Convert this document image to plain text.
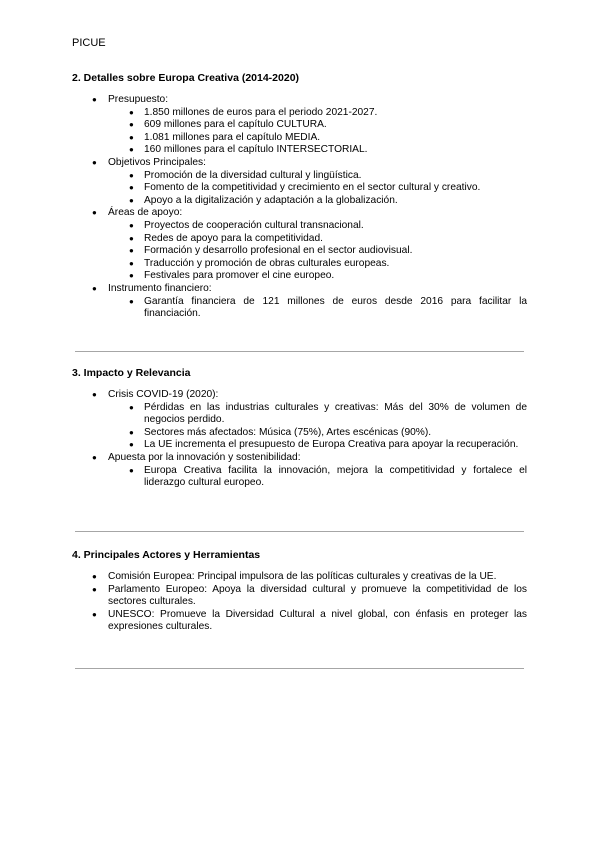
PICUE
2. Detalles sobre Europa Creativa (2014-2020)
● Presupuesto:
● 1.850 millones de euros para el periodo 2021-2027.
● 609 millones para el capítulo CULTURA.
● 1.081 millones para el capítulo MEDIA.
● 160 millones para el capítulo INTERSECTORIAL.
● Objetivos Principales:
● Promoción de la diversidad cultural y lingüística.
● Fomento de la competitividad y crecimiento en el sector cultural y creativo.
● Apoyo a la digitalización y adaptación a la globalización.
● Áreas de apoyo:
● Proyectos de cooperación cultural transnacional.
● Redes de apoyo para la competitividad.
● Formación y desarrollo profesional en el sector audiovisual.
● Traducción y promoción de obras culturales europeas.
● Festivales para promover el cine europeo.
● Instrumento financiero:
● Garantía financiera de 121 millones de euros desde 2016 para facilitar la financiación.
3. Impacto y Relevancia
● Crisis COVID-19 (2020):
● Pérdidas en las industrias culturales y creativas: Más del 30% de volumen de negocios perdido.
● Sectores más afectados: Música (75%), Artes escénicas (90%).
● La UE incrementa el presupuesto de Europa Creativa para apoyar la recuperación.
● Apuesta por la innovación y sostenibilidad:
● Europa Creativa facilita la innovación, mejora la competitividad y fortalece el liderazgo cultural europeo.
4. Principales Actores y Herramientas
● Comisión Europea: Principal impulsora de las políticas culturales y creativas de la UE.
● Parlamento Europeo: Apoya la diversidad cultural y promueve la competitividad de los sectores culturales.
● UNESCO: Promueve la Diversidad Cultural a nivel global, con énfasis en proteger las expresiones culturales.
